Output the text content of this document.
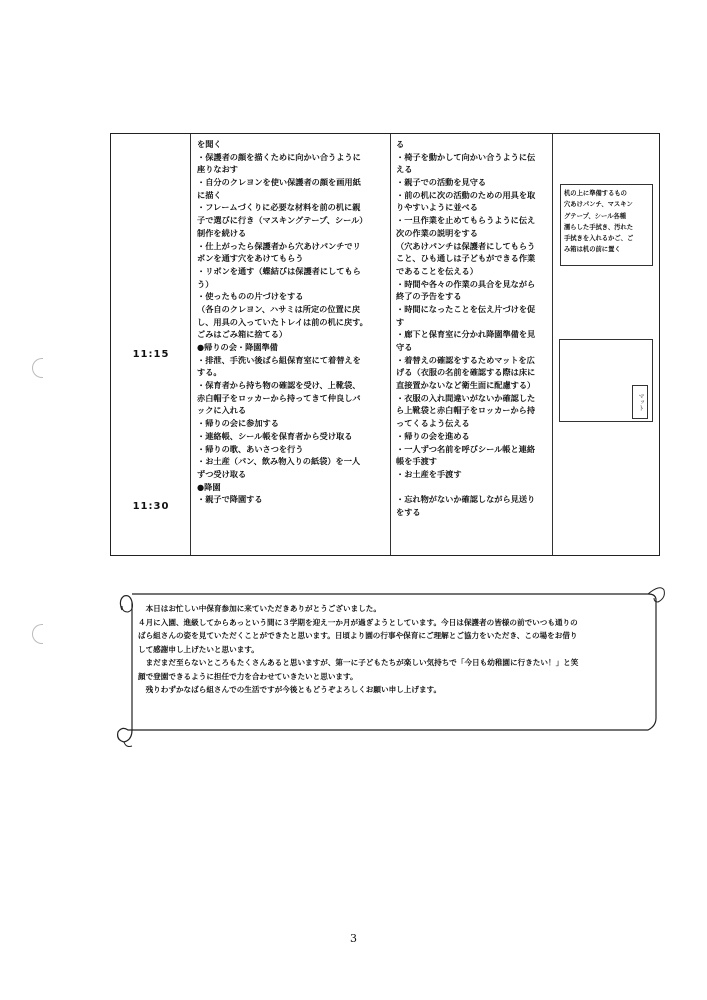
11:15
11:30
を聞く
・保護者の顔を描くために向かい合うように
座りなおす
・自分のクレヨンを使い保護者の顔を画用紙
に描く
・フレームづくりに必要な材料を前の机に親
子で選びに行き（マスキングテープ、シール）
制作を続ける
・仕上がったら保護者から穴あけパンチでリ
ボンを通す穴をあけてもらう
・リボンを通す（蝶結びは保護者にしてもら
う）
・使ったものの片づけをする
（各自のクレヨン、ハサミは所定の位置に戻
し、用具の入っていたトレイは前の机に戻す。
ごみはごみ箱に捨てる）
●帰りの会・降園準備
・排泄、手洗い後ばら組保育室にて着替えを
する。
・保育者から持ち物の確認を受け、上靴袋、
赤白帽子をロッカーから持ってきて仲良しバ
ックに入れる
・帰りの会に参加する
・連絡帳、シール帳を保育者から受け取る
・帰りの歌、あいさつを行う
・お土産（パン、飲み物入りの紙袋）を一人
ずつ受け取る
●降園
・親子で降園する
る
・椅子を動かして向かい合うように伝
える
・親子での活動を見守る
・前の机に次の活動のための用具を取
りやすいように並べる
・一旦作業を止めてもらうように伝え
次の作業の説明をする
（穴あけパンチは保護者にしてもらう
こと、ひも通しは子どもができる作業
であることを伝える）
・時間や各々の作業の具合を見ながら
終了の予告をする
・時間になったことを伝え片づけを促
す
・廊下と保育室に分かれ降園準備を見
守る
・着替えの確認をするためマットを広
げる（衣服の名前を確認する際は床に
直接置かないなど衛生面に配慮する）
・衣服の入れ間違いがないか確認した
ら上靴袋と赤白帽子をロッカーから持
ってくるよう伝える
・帰りの会を進める
・一人ずつ名前を呼びシール帳と連絡
帳を手渡す
・お土産を手渡す
・忘れ物がないか確認しながら見送り
をする
机の上に準備するもの
穴あけパンチ、マスキン
グテープ、シール各種
濡らした手拭き、汚れた
手拭きを入れるかご、ご
み箱は机の前に置く
マット
　本日はお忙しい中保育参加に来ていただきありがとうございました。
４月に入園、進級してからあっという間に３学期を迎え一か月が過ぎようとしています。今日は保護者の皆様の前でいつも通りの
ばら組さんの姿を見ていただくことができたと思います。日頃より園の行事や保育にご理解とご協力をいただき、この場をお借り
して感謝申し上げたいと思います。
　まだまだ至らないところもたくさんあると思いますが、第一に子どもたちが楽しい気持ちで「今日も幼稚園に行きたい！」と笑
顔で登園できるように担任で力を合わせていきたいと思います。
　残りわずかなばら組さんでの生活ですが今後ともどうぞよろしくお願い申し上げます。
3
